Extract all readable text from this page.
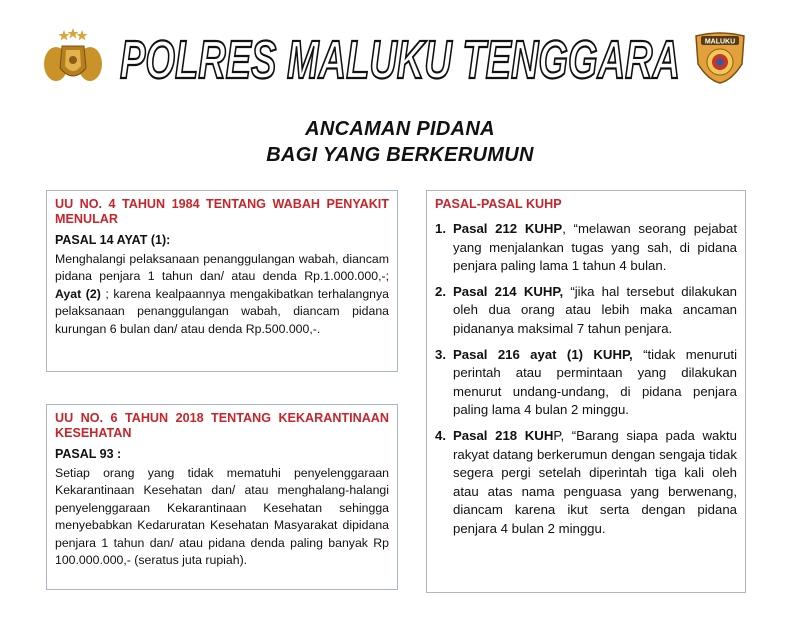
POLRES MALUKU TENGGARA	MALUKU
ANCAMAN PIDANA
BAGI YANG BERKERUMUN
UU NO. 4 TAHUN 1984 TENTANG WABAH PENYAKIT MENULAR
PASAL 14 AYAT (1):
Menghalangi pelaksanaan penanggulangan wabah, diancam pidana penjara 1 tahun dan/ atau denda Rp.1.000.000,-; Ayat (2) ; karena kealpaannya mengakibatkan terhalangnya pelaksanaan penanggulangan wabah, diancam pidana kurungan 6 bulan dan/ atau denda Rp.500.000,-.
UU NO. 6 TAHUN 2018 TENTANG KEKARANTINAAN KESEHATAN
PASAL 93 :
Setiap orang yang tidak mematuhi penyelenggaraan Kekarantinaan Kesehatan dan/ atau menghalang-halangi penyelenggaraan Kekarantinaan Kesehatan sehingga menyebabkan Kedaruratan Kesehatan Masyarakat dipidana penjara 1 tahun dan/ atau pidana denda paling banyak Rp 100.000.000,- (seratus juta rupiah).
PASAL-PASAL KUHP
1. Pasal 212 KUHP, “melawan seorang pejabat yang menjalankan tugas yang sah, di pidana penjara paling lama 1 tahun 4 bulan.
2. Pasal 214 KUHP, “jika hal tersebut dilakukan oleh dua orang atau lebih maka ancaman pidananya maksimal 7 tahun penjara.
3. Pasal 216 ayat (1) KUHP, “tidak menuruti perintah atau permintaan yang dilakukan menurut undang-undang, di pidana penjara paling lama 4 bulan 2 minggu.
4. Pasal 218 KUHP, “Barang siapa pada waktu rakyat datang berkerumun dengan sengaja tidak segera pergi setelah diperintah tiga kali oleh atau atas nama penguasa yang berwenang, diancam karena ikut serta dengan pidana penjara 4 bulan 2 minggu.
